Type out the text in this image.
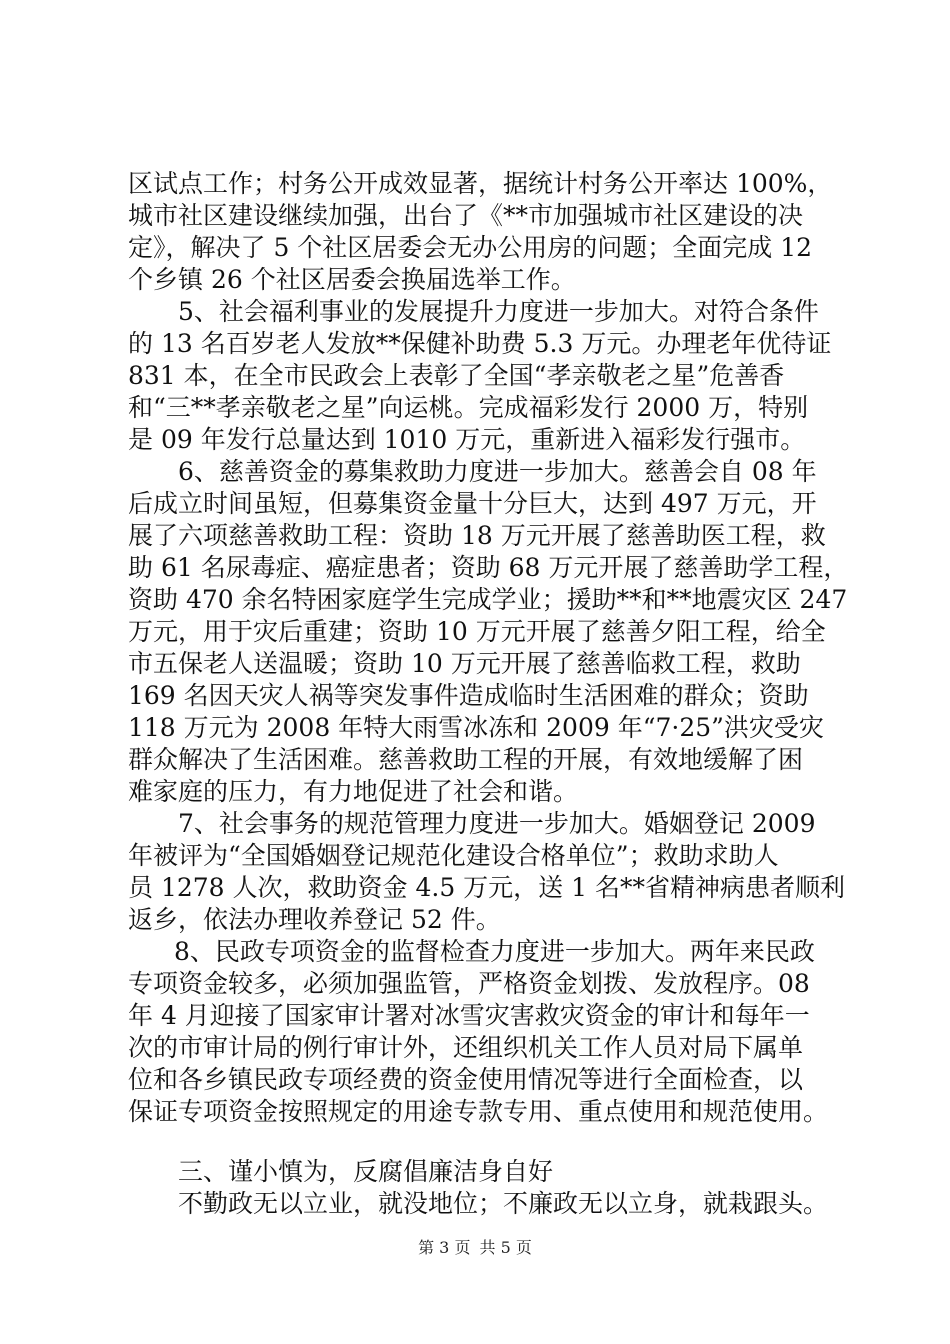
区试点工作；村务公开成效显著，据统计村务公开率达 100%，
城市社区建设继续加强，出台了《**市加强城市社区建设的决
定》，解决了 5 个社区居委会无办公用房的问题；全面完成 12
个乡镇 26 个社区居委会换届选举工作。
5、社会福利事业的发展提升力度进一步加大。对符合条件
的 13 名百岁老人发放**保健补助费 5.3 万元。办理老年优待证
831 本，在全市民政会上表彰了全国“孝亲敬老之星”危善香
和“三**孝亲敬老之星”向运桃。完成福彩发行 2000 万，特别
是 09 年发行总量达到 1010 万元，重新进入福彩发行强市。
6、慈善资金的募集救助力度进一步加大。慈善会自 08 年
后成立时间虽短，但募集资金量十分巨大，达到 497 万元，开
展了六项慈善救助工程：资助 18 万元开展了慈善助医工程，救
助 61 名尿毒症、癌症患者；资助 68 万元开展了慈善助学工程，
资助 470 余名特困家庭学生完成学业；援助**和**地震灾区 247
万元，用于灾后重建；资助 10 万元开展了慈善夕阳工程，给全
市五保老人送温暖；资助 10 万元开展了慈善临救工程，救助
169 名因天灾人祸等突发事件造成临时生活困难的群众；资助
118 万元为 2008 年特大雨雪冰冻和 2009 年“7·25”洪灾受灾
群众解决了生活困难。慈善救助工程的开展，有效地缓解了困
难家庭的压力，有力地促进了社会和谐。
7、社会事务的规范管理力度进一步加大。婚姻登记 2009
年被评为“全国婚姻登记规范化建设合格单位”；救助求助人
员 1278 人次，救助资金 4.5 万元，送 1 名**省精神病患者顺利
返乡，依法办理收养登记 52 件。
8、民政专项资金的监督检查力度进一步加大。两年来民政
专项资金较多，必须加强监管，严格资金划拨、发放程序。08
年 4 月迎接了国家审计署对冰雪灾害救灾资金的审计和每年一
次的市审计局的例行审计外，还组织机关工作人员对局下属单
位和各乡镇民政专项经费的资金使用情况等进行全面检查，以
保证专项资金按照规定的用途专款专用、重点使用和规范使用。
三、谨小慎为，反腐倡廉洁身自好
不勤政无以立业，就没地位；不廉政无以立身，就栽跟头。
第 3 页 共 5 页
